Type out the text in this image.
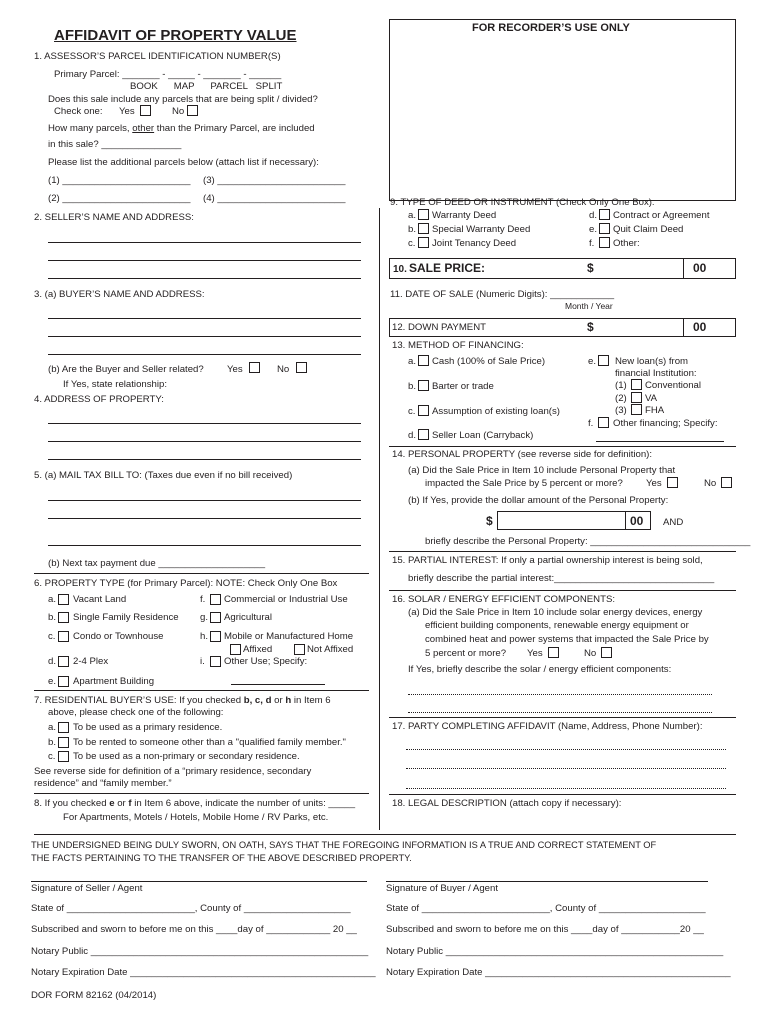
AFFIDAVIT OF PROPERTY VALUE	FOR RECORDER’S USE ONLY
1. ASSESSOR’S PARCEL IDENTIFICATION NUMBER(S)
Primary Parcel: _______ - _____ - _______ - ______
BOOK      MAP      PARCEL   SPLIT
Does this sale include any parcels that are being split / divided?
Check one: Yes	No
How many parcels, other than the Primary Parcel, are included
in this sale? _______________
Please list the additional parcels below (attach list if necessary):
(1) ________________________ (3) ________________________
(2) ________________________ (4) ________________________
2. SELLER’S NAME AND ADDRESS:
3. (a) BUYER’S NAME AND ADDRESS:
(b) Are the Buyer and Seller related? Yes	No
If Yes, state relationship:
4. ADDRESS OF PROPERTY:
5. (a) MAIL TAX BILL TO: (Taxes due even if no bill received)
(b) Next tax payment due ____________________
6. PROPERTY TYPE (for Primary Parcel): NOTE: Check Only One Box
a. Vacant Land
b. Single Family Residence
c. Condo or Townhouse
d. 2-4 Plex
e. Apartment Building
f. Commercial or Industrial Use
g. Agricultural
h. Mobile or Manufactured Home
Affixed	Not Affixed
i. Other Use; Specify:
7. RESIDENTIAL BUYER’S USE: If you checked b, c, d or h in Item 6
above, please check one of the following:
a. To be used as a primary residence.
b. To be rented to someone other than a "qualified family member."
c. To be used as a non-primary or secondary residence.
See reverse side for definition of a “primary residence, secondary
residence” and “family member.”
8. If you checked e or f in Item 6 above, indicate the number of units: _____
For Apartments, Motels / Hotels, Mobile Home / RV Parks, etc.
9. TYPE OF DEED OR INSTRUMENT (Check Only One Box):
a. Warranty Deed
b. Special Warranty Deed
c. Joint Tenancy Deed
d. Contract or Agreement
e. Quit Claim Deed
f. Other:
10. SALE PRICE:	$	00
11. DATE OF SALE (Numeric Digits): ____________
Month / Year
12. DOWN PAYMENT	$	00
13. METHOD OF FINANCING:
a. Cash (100% of Sale Price)
b. Barter or trade
c. Assumption of existing loan(s)
d. Seller Loan (Carryback)
e. New loan(s) from
financial Institution:
(1) Conventional
(2) VA
(3) FHA
f. Other financing; Specify:
14. PERSONAL PROPERTY (see reverse side for definition):
(a) Did the Sale Price in Item 10 include Personal Property that
impacted the Sale Price by 5 percent or more? Yes	No
(b) If Yes, provide the dollar amount of the Personal Property:
$	00 AND
briefly describe the Personal Property: ______________________________
15. PARTIAL INTEREST: If only a partial ownership interest is being sold,
briefly describe the partial interest:______________________________
16. SOLAR / ENERGY EFFICIENT COMPONENTS:
(a) Did the Sale Price in Item 10 include solar energy devices, energy
efficient building components, renewable energy equipment or
combined heat and power systems that impacted the Sale Price by
5 percent or more? Yes	No
If Yes, briefly describe the solar / energy efficient components:
17. PARTY COMPLETING AFFIDAVIT (Name, Address, Phone Number):
18. LEGAL DESCRIPTION (attach copy if necessary):
THE UNDERSIGNED BEING DULY SWORN, ON OATH, SAYS THAT THE FOREGOING INFORMATION IS A TRUE AND CORRECT STATEMENT OF
THE FACTS PERTAINING TO THE TRANSFER OF THE ABOVE DESCRIBED PROPERTY.
Signature of Seller / Agent
State of ________________________, County of ____________________
Subscribed and sworn to before me on this ____day of ____________ 20 __
Notary Public ____________________________________________________
Notary Expiration Date ______________________________________________
Signature of Buyer / Agent
State of ________________________, County of ____________________
Subscribed and sworn to before me on this ____day of ___________20 __
Notary Public ____________________________________________________
Notary Expiration Date ______________________________________________
DOR FORM 82162 (04/2014)
